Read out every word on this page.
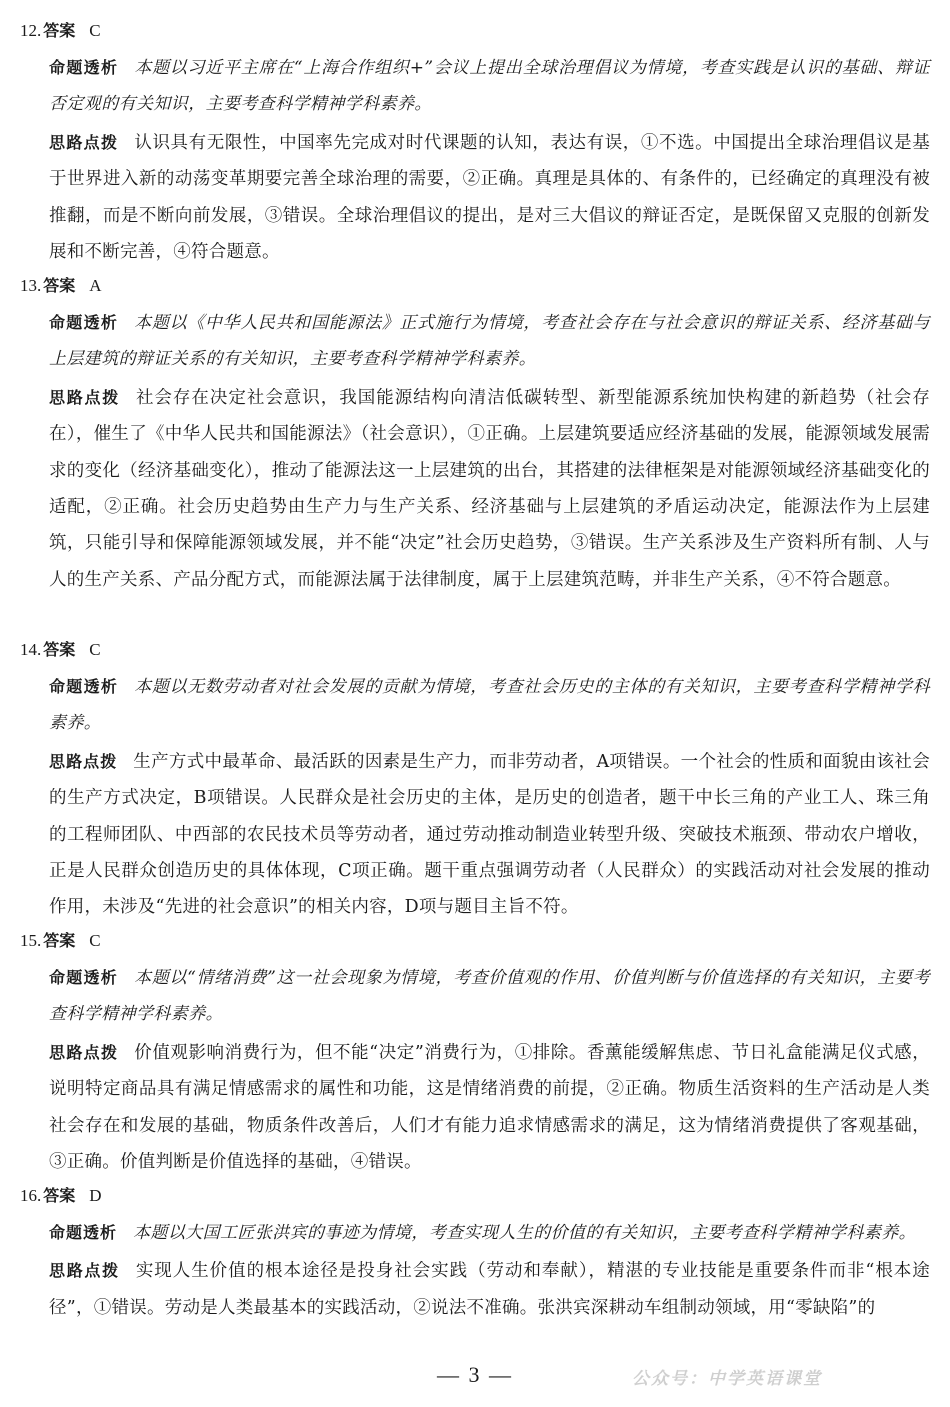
12. 答案 C
命题透析 本题以习近平主席在“上海合作组织+”会议上提出全球治理倡议为情境，考查实践是认识的基础、辩证否定观的有关知识，主要考查科学精神学科素养。
思路点拨 认识具有无限性，中国率先完成对时代课题的认知，表达有误，①不选。中国提出全球治理倡议是基于世界进入新的动荡变革期要完善全球治理的需要，②正确。真理是具体的、有条件的，已经确定的真理没有被推翻，而是不断向前发展，③错误。全球治理倡议的提出，是对三大倡议的辩证否定，是既保留又克服的创新发展和不断完善，④符合题意。
13. 答案 A
命题透析 本题以《中华人民共和国能源法》正式施行为情境，考查社会存在与社会意识的辩证关系、经济基础与上层建筑的辩证关系的有关知识，主要考查科学精神学科素养。
思路点拨 社会存在决定社会意识，我国能源结构向清洁低碳转型、新型能源系统加快构建的新趋势（社会存在），催生了《中华人民共和国能源法》（社会意识），①正确。上层建筑要适应经济基础的发展，能源领域发展需求的变化（经济基础变化），推动了能源法这一上层建筑的出台，其搭建的法律框架是对能源领域经济基础变化的适配，②正确。社会历史趋势由生产力与生产关系、经济基础与上层建筑的矛盾运动决定，能源法作为上层建筑，只能引导和保障能源领域发展，并不能“决定”社会历史趋势，③错误。生产关系涉及生产资料所有制、人与人的生产关系、产品分配方式，而能源法属于法律制度，属于上层建筑范畴，并非生产关系，④不符合题意。
14. 答案 C
命题透析 本题以无数劳动者对社会发展的贡献为情境，考查社会历史的主体的有关知识，主要考查科学精神学科素养。
思路点拨 生产方式中最革命、最活跃的因素是生产力，而非劳动者，A项错误。一个社会的性质和面貌由该社会的生产方式决定，B项错误。人民群众是社会历史的主体，是历史的创造者，题干中长三角的产业工人、珠三角的工程师团队、中西部的农民技术员等劳动者，通过劳动推动制造业转型升级、突破技术瓶颈、带动农户增收，正是人民群众创造历史的具体体现，C项正确。题干重点强调劳动者（人民群众）的实践活动对社会发展的推动作用，未涉及“先进的社会意识”的相关内容，D项与题目主旨不符。
15. 答案 C
命题透析 本题以“情绪消费”这一社会现象为情境，考查价值观的作用、价值判断与价值选择的有关知识，主要考查科学精神学科素养。
思路点拨 价值观影响消费行为，但不能“决定”消费行为，①排除。香薰能缓解焦虑、节日礼盒能满足仪式感，说明特定商品具有满足情感需求的属性和功能，这是情绪消费的前提，②正确。物质生活资料的生产活动是人类社会存在和发展的基础，物质条件改善后，人们才有能力追求情感需求的满足，这为情绪消费提供了客观基础，③正确。价值判断是价值选择的基础，④错误。
16. 答案 D
命题透析 本题以大国工匠张洪宾的事迹为情境，考查实现人生的价值的有关知识，主要考查科学精神学科素养。
思路点拨 实现人生价值的根本途径是投身社会实践（劳动和奉献），精湛的专业技能是重要条件而非“根本途径”，①错误。劳动是人类最基本的实践活动，②说法不准确。张洪宾深耕动车组制动领域，用“零缺陷”的
— 3 —	公众号：中学英语课堂
